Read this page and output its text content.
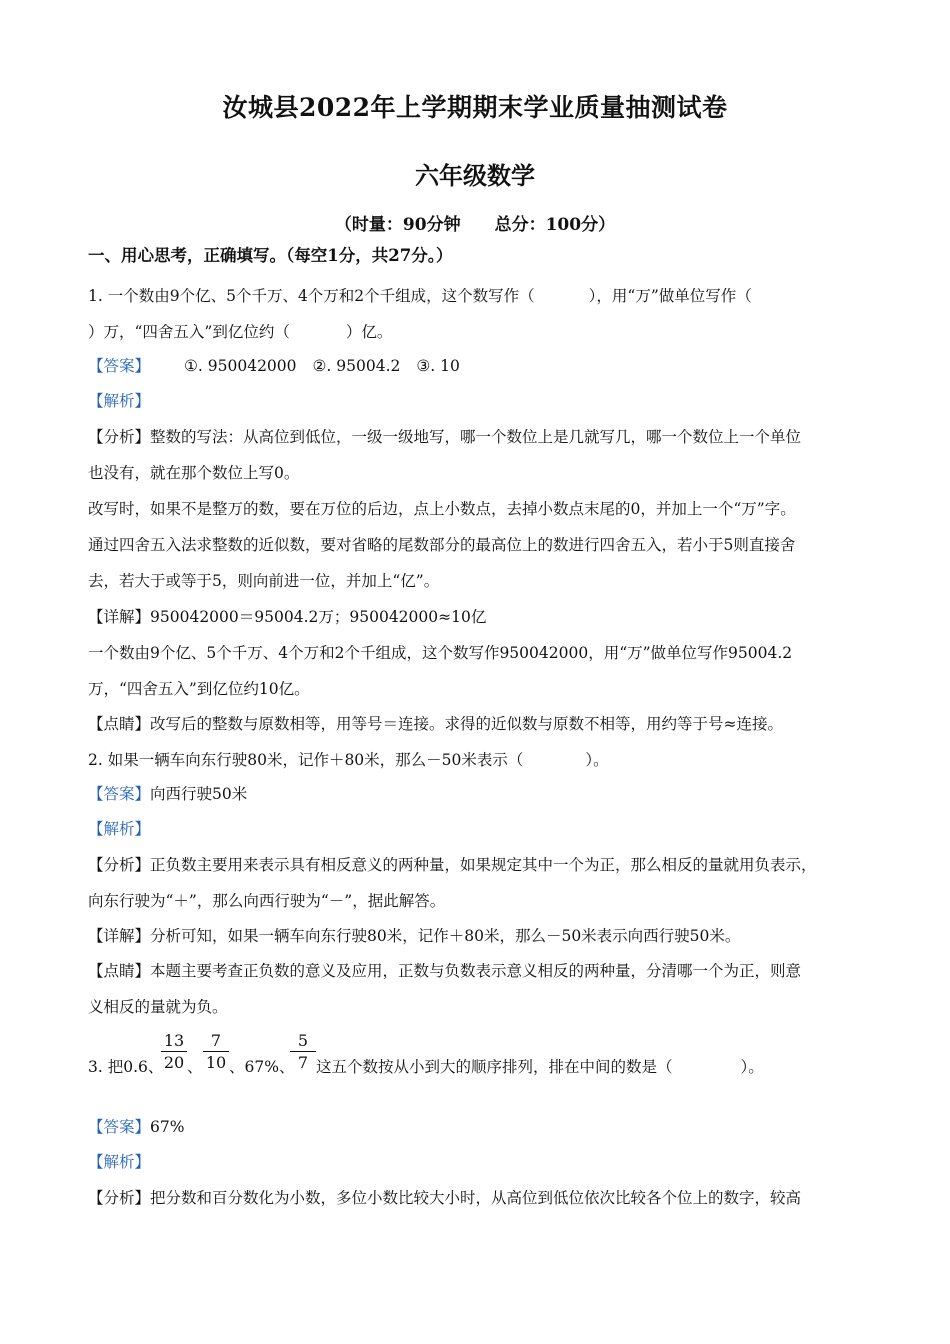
汝城县2022年上学期期末学业质量抽测试卷
六年级数学
（时量：90分钟 总分：100分）
一、用心思考，正确填写。（每空1分，共27分。）
1. 一个数由9个亿、5个千万、4个万和2个千组成，这个数写作（	），用“万”做单位写作（
）万，“四舍五入”到亿位约（	）亿。
【答案】 ①. 950042000 ②. 95004.2 ③. 10
【解析】
【分析】整数的写法：从高位到低位，一级一级地写，哪一个数位上是几就写几，哪一个数位上一个单位
也没有，就在那个数位上写0。
改写时，如果不是整万的数，要在万位的后边，点上小数点，去掉小数点末尾的0，并加上一个“万”字。
通过四舍五入法求整数的近似数，要对省略的尾数部分的最高位上的数进行四舍五入，若小于5则直接舍
去，若大于或等于5，则向前进一位，并加上“亿”。
【详解】950042000＝95004.2万；950042000≈10亿
一个数由9个亿、5个千万、4个万和2个千组成，这个数写作950042000，用“万”做单位写作95004.2
万，“四舍五入”到亿位约10亿。
【点睛】改写后的整数与原数相等，用等号＝连接。求得的近似数与原数不相等，用约等于号≈连接。
2. 如果一辆车向东行驶80米，记作＋80米，那么－50米表示（	）。
【答案】向西行驶50米
【解析】
【分析】正负数主要用来表示具有相反意义的两种量，如果规定其中一个为正，那么相反的量就用负表示，
向东行驶为“＋”，那么向西行驶为“－”，据此解答。
【详解】分析可知，如果一辆车向东行驶80米，记作＋80米，那么－50米表示向西行驶50米。
【点睛】本题主要考查正负数的意义及应用，正数与负数表示意义相反的两种量，分清哪一个为正，则意
义相反的量就为负。
13
20
7
10
5
7
3. 把0.6、 、 、67%、 这五个数按从小到大的顺序排列，排在中间的数是（	）。
【答案】67%
【解析】
【分析】把分数和百分数化为小数，多位小数比较大小时，从高位到低位依次比较各个位上的数字，较高
